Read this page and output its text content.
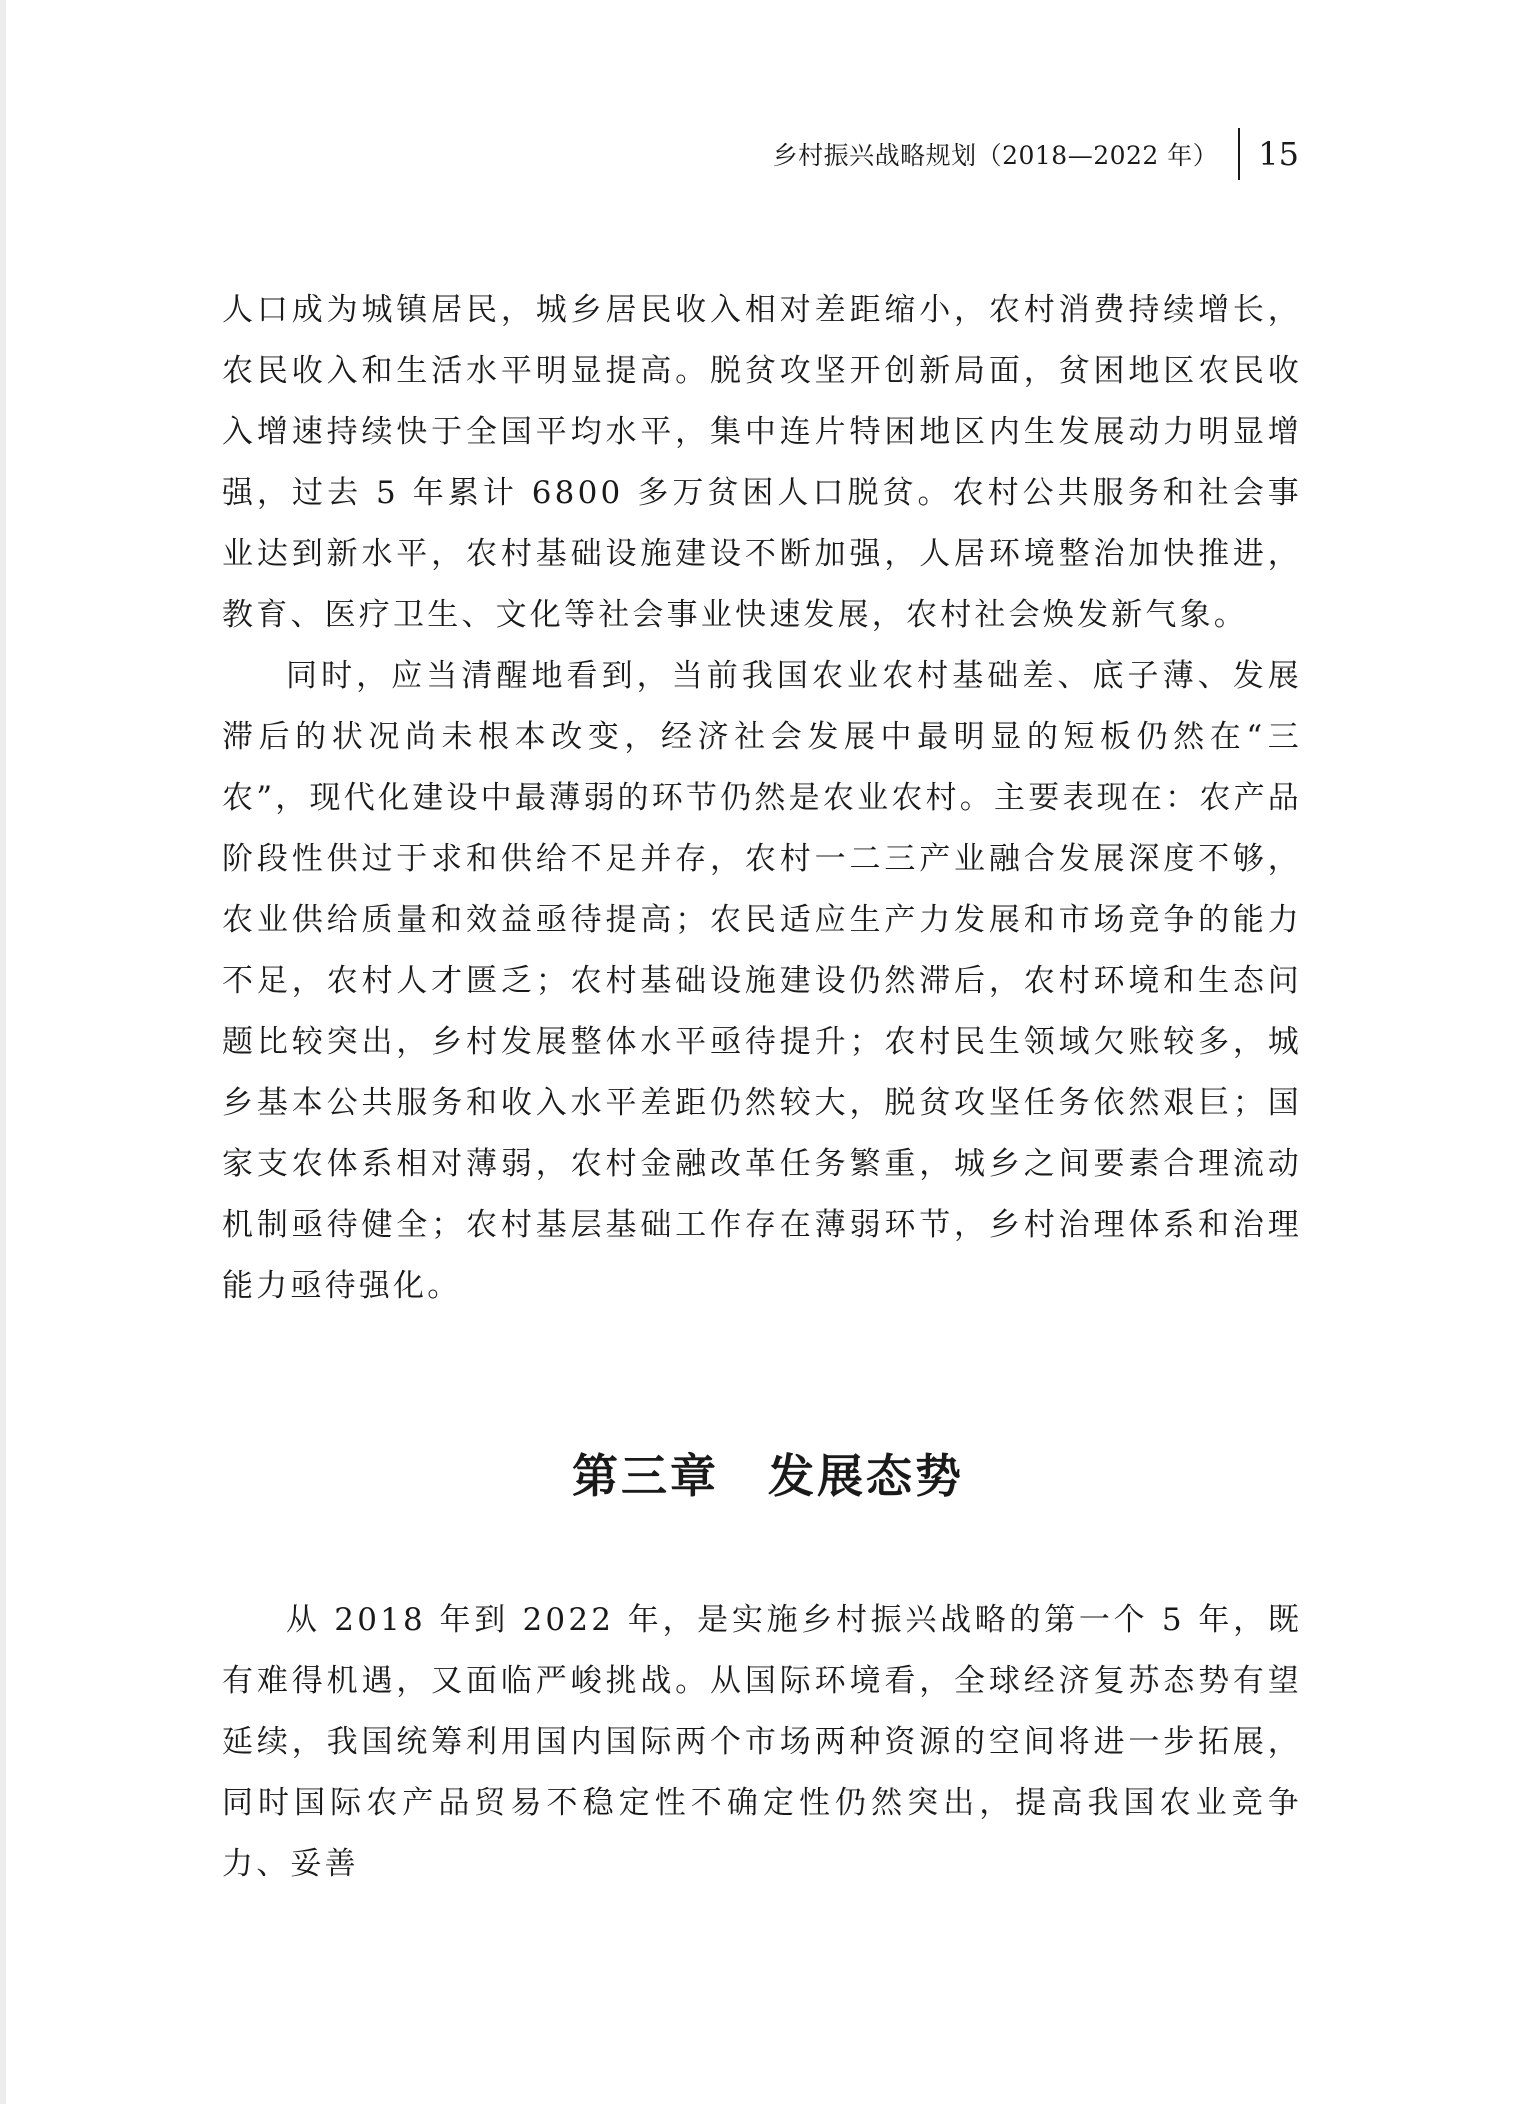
乡村振兴战略规划（2018—2022 年） 15

人口成为城镇居民，城乡居民收入相对差距缩小，农村消费持续增长，农民收入和生活水平明显提高。脱贫攻坚开创新局面，贫困地区农民收入增速持续快于全国平均水平，集中连片特困地区内生发展动力明显增强，过去 5 年累计 6800 多万贫困人口脱贫。农村公共服务和社会事业达到新水平，农村基础设施建设不断加强，人居环境整治加快推进，教育、医疗卫生、文化等社会事业快速发展，农村社会焕发新气象。

同时，应当清醒地看到，当前我国农业农村基础差、底子薄、发展滞后的状况尚未根本改变，经济社会发展中最明显的短板仍然在“三农”，现代化建设中最薄弱的环节仍然是农业农村。主要表现在：农产品阶段性供过于求和供给不足并存，农村一二三产业融合发展深度不够，农业供给质量和效益亟待提高；农民适应生产力发展和市场竞争的能力不足，农村人才匮乏；农村基础设施建设仍然滞后，农村环境和生态问题比较突出，乡村发展整体水平亟待提升；农村民生领域欠账较多，城乡基本公共服务和收入水平差距仍然较大，脱贫攻坚任务依然艰巨；国家支农体系相对薄弱，农村金融改革任务繁重，城乡之间要素合理流动机制亟待健全；农村基层基础工作存在薄弱环节，乡村治理体系和治理能力亟待强化。

第三章　发展态势

从 2018 年到 2022 年，是实施乡村振兴战略的第一个 5 年，既有难得机遇，又面临严峻挑战。从国际环境看，全球经济复苏态势有望延续，我国统筹利用国内国际两个市场两种资源的空间将进一步拓展，同时国际农产品贸易不稳定性不确定性仍然突出，提高我国农业竞争力、妥善
